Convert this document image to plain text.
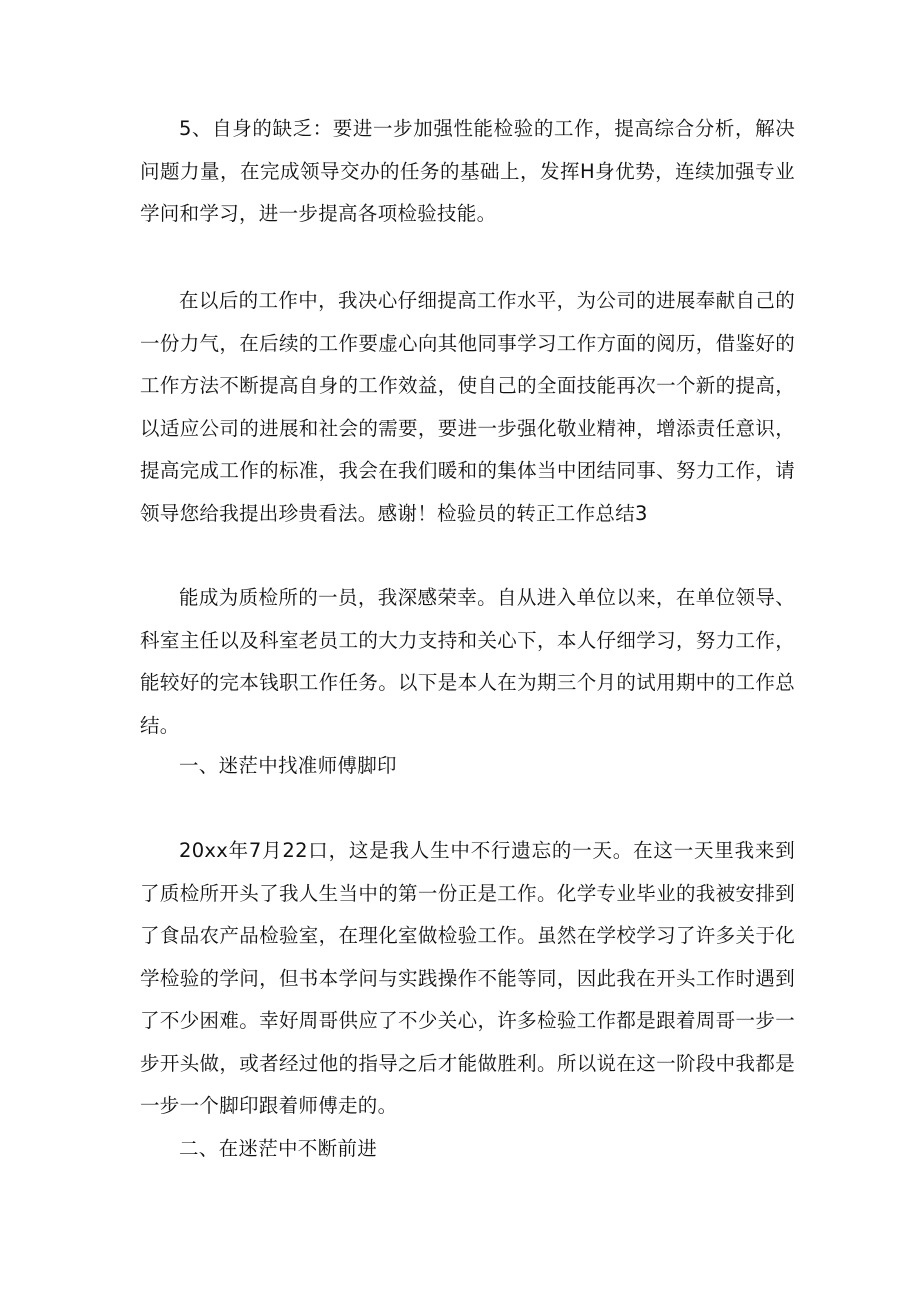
5、自身的缺乏：要进一步加强性能检验的工作，提高综合分析，解决问题力量，在完成领导交办的任务的基础上，发挥H身优势，连续加强专业学问和学习，进一步提高各项检验技能。

在以后的工作中，我决心仔细提高工作水平，为公司的进展奉献自己的一份力气，在后续的工作要虚心向其他同事学习工作方面的阅历，借鉴好的工作方法不断提高自身的工作效益，使自己的全面技能再次一个新的提高，以适应公司的进展和社会的需要，要进一步强化敬业精神，增添责任意识，提高完成工作的标准，我会在我们暖和的集体当中团结同事、努力工作，请领导您给我提出珍贵看法。感谢！检验员的转正工作总结3

能成为质检所的一员，我深感荣幸。自从进入单位以来，在单位领导、科室主任以及科室老员工的大力支持和关心下，本人仔细学习，努力工作，能较好的完本钱职工作任务。以下是本人在为期三个月的试用期中的工作总结。

一、迷茫中找准师傅脚印

20xx年7月22口，这是我人生中不行遗忘的一天。在这一天里我来到了质检所开头了我人生当中的第一份正是工作。化学专业毕业的我被安排到了食品农产品检验室，在理化室做检验工作。虽然在学校学习了许多关于化学检验的学问，但书本学问与实践操作不能等同，因此我在开头工作时遇到了不少困难。幸好周哥供应了不少关心，许多检验工作都是跟着周哥一步一步开头做，或者经过他的指导之后才能做胜利。所以说在这一阶段中我都是一步一个脚印跟着师傅走的。

二、在迷茫中不断前进
